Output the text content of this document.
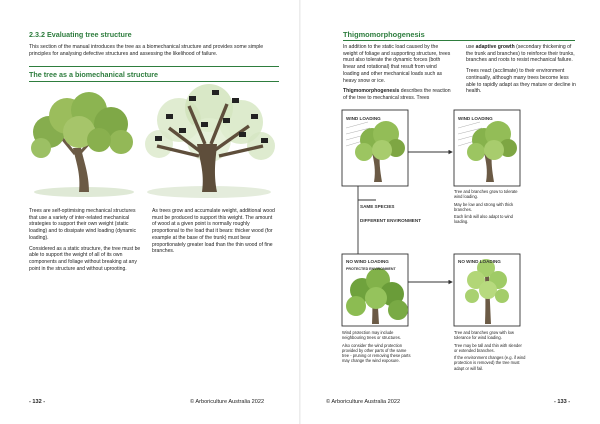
2.3.2 Evaluating tree structure
This section of the manual introduces the tree as a biomechanical structure and provides some simple principles for analysing defective structures and assessing the likelihood of failure.
The tree as a biomechanical structure

Trees are self-optimising mechanical structures that use a variety of inter-related mechanical strategies to support their own weight (static loading) and to dissipate wind loading (dynamic loading).

Considered as a static structure, the tree must be able to support the weight of all of its own components and foliage without breaking at any point in the structure and without uprooting.

As trees grow and accumulate weight, additional wood must be produced to support this weight. The amount of wood at a given point is normally roughly proportional to the load that it bears: thicker wood (for example at the base of the trunk) must bear proportionately greater load than the thin wood of fine branches.

- 132 -	© Arboriculture Australia 2022
Thigmomorphogenesis

In addition to the static load caused by the weight of foliage and supporting structure, trees must also tolerate the dynamic forces (both linear and rotational) that result from wind loading and other mechanical loads such as heavy snow or ice.

Thigmomorphogenesis describes the reaction of the tree to mechanical stress. Trees

use adaptive growth (secondary thickening of the trunk and branches) to reinforce their trunks, branches and roots to resist mechanical failure.

Trees react (acclimate) to their environment continually, although many trees become less able to rapidly adapt as they mature or decline in health.

WIND LOADING	WIND LOADING
SAME SPECIES
DIFFERENT ENVIRONMENT
NO WIND LOADING
PROTECTED ENVIRONMENT
NO WIND LOADING

Tree and branches grow to tolerate wind loading.

May be low and strong with thick branches.

Each limb will also adapt to wind loading.

Wind protection may include neighbouring trees or structures.

Also consider the wind protection provided by other parts of the same tree - pruning or removing these parts may change the wind exposure.

Tree and branches grow with low tolerance for wind loading.

Tree may be tall and thin with slender or extended branches.

If the environment changes (e.g. if wind protection is removed) the tree must adapt or will fail.

© Arboriculture Australia 2022	- 133 -
